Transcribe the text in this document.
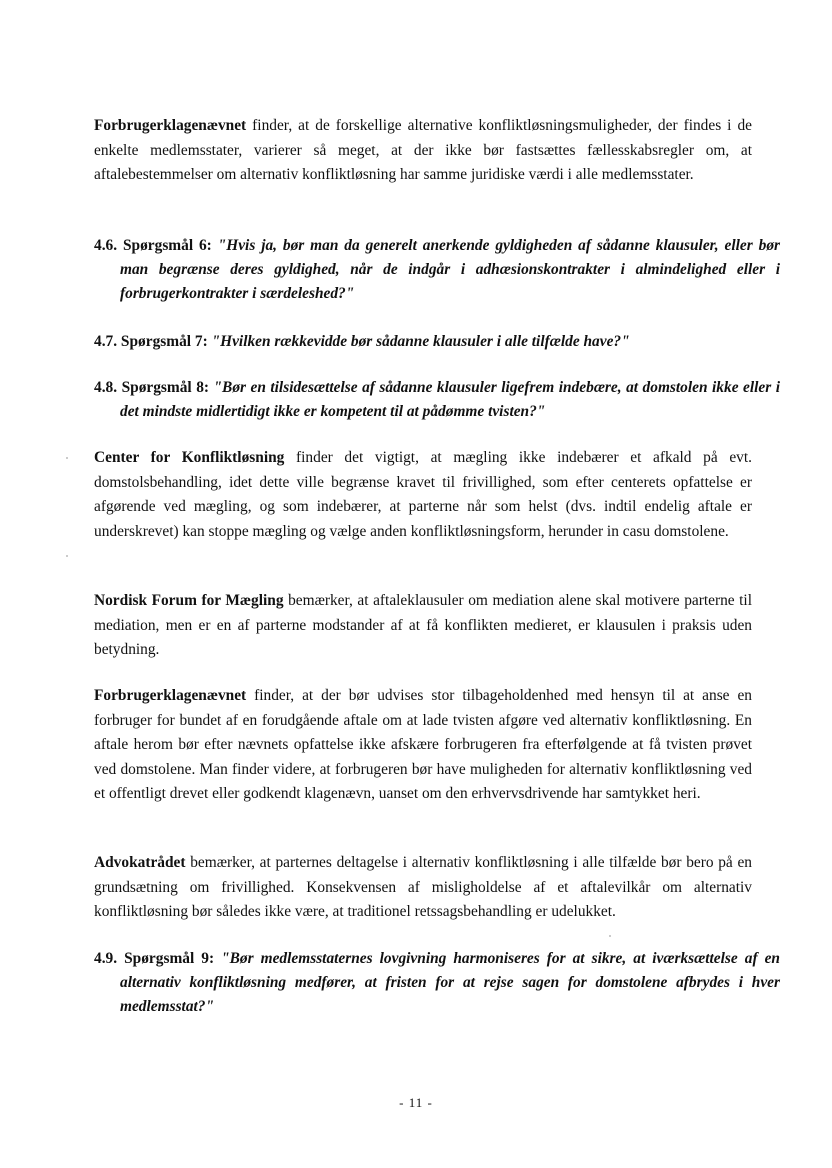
Forbrugerklagenævnet finder, at de forskellige alternative konfliktløsningsmuligheder, der findes i de enkelte medlemsstater, varierer så meget, at der ikke bør fastsættes fællesskabsregler om, at aftalebestemmelser om alternativ konfliktløsning har samme juridiske værdi i alle medlemsstater.

4.6. Spørgsmål 6: "Hvis ja, bør man da generelt anerkende gyldigheden af sådanne klausuler, eller bør man begrænse deres gyldighed, når de indgår i adhæsionskontrakter i almindelighed eller i forbrugerkontrakter i særdeleshed?"

4.7. Spørgsmål 7: "Hvilken rækkevidde bør sådanne klausuler i alle tilfælde have?"

4.8. Spørgsmål 8: "Bør en tilsidesættelse af sådanne klausuler ligefrem indebære, at domstolen ikke eller i det mindste midlertidigt ikke er kompetent til at pådømme tvisten?"

Center for Konfliktløsning finder det vigtigt, at mægling ikke indebærer et afkald på evt. domstolsbehandling, idet dette ville begrænse kravet til frivillighed, som efter centerets opfattelse er afgørende ved mægling, og som indebærer, at parterne når som helst (dvs. indtil endelig aftale er underskrevet) kan stoppe mægling og vælge anden konfliktløsningsform, herunder in casu domstolene.

Nordisk Forum for Mægling bemærker, at aftaleklausuler om mediation alene skal motivere parterne til mediation, men er en af parterne modstander af at få konflikten medieret, er klausulen i praksis uden betydning.

Forbrugerklagenævnet finder, at der bør udvises stor tilbageholdenhed med hensyn til at anse en forbruger for bundet af en forudgående aftale om at lade tvisten afgøre ved alternativ konfliktløsning. En aftale herom bør efter nævnets opfattelse ikke afskære forbrugeren fra efterfølgende at få tvisten prøvet ved domstolene. Man finder videre, at forbrugeren bør have muligheden for alternativ konfliktløsning ved et offentligt drevet eller godkendt klagenævn, uanset om den erhvervsdrivende har samtykket heri.

Advokatrådet bemærker, at parternes deltagelse i alternativ konfliktløsning i alle tilfælde bør bero på en grundsætning om frivillighed. Konsekvensen af misligholdelse af et aftalevilkår om alternativ konfliktløsning bør således ikke være, at traditionel retssagsbehandling er udelukket.

4.9. Spørgsmål 9: "Bør medlemsstaternes lovgivning harmoniseres for at sikre, at iværksættelse af en alternativ konfliktløsning medfører, at fristen for at rejse sagen for domstolene afbrydes i hver medlemsstat?"

- 11 -
